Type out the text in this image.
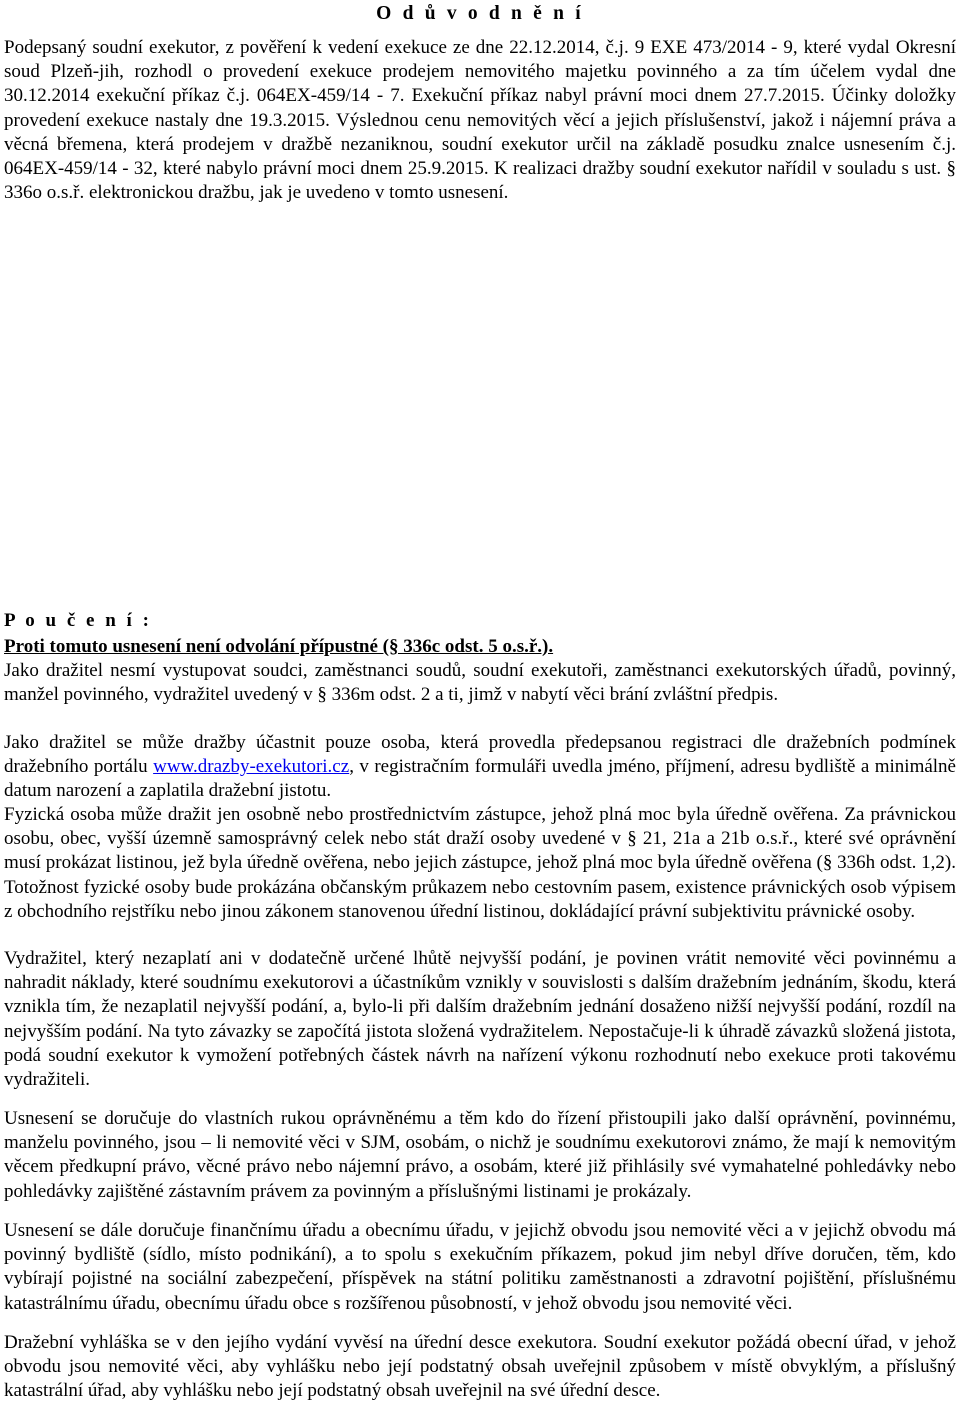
O d ů v o d n ě n í

Podepsaný soudní exekutor, z pověření k vedení exekuce ze dne 22.12.2014, č.j. 9 EXE 473/2014 - 9, které vydal Okresní soud Plzeň-jih, rozhodl o provedení exekuce prodejem nemovitého majetku povinného a za tím účelem vydal dne 30.12.2014 exekuční příkaz č.j. 064EX-459/14 - 7. Exekuční příkaz nabyl právní moci dnem 27.7.2015. Účinky doložky provedení exekuce nastaly dne 19.3.2015. Výslednou cenu nemovitých věcí a jejich příslušenství, jakož i nájemní práva a věcná břemena, která prodejem v dražbě nezaniknou, soudní exekutor určil na základě posudku znalce usnesením č.j. 064EX-459/14 - 32, které nabylo právní moci dnem 25.9.2015. K realizaci dražby soudní exekutor nařídil v souladu s ust. § 336o o.s.ř. elektronickou dražbu, jak je uvedeno v tomto usnesení.

P o u č e n í :
Proti tomuto usnesení není odvolání přípustné (§ 336c odst. 5 o.s.ř.).

Jako dražitel nesmí vystupovat soudci, zaměstnanci soudů, soudní exekutoři, zaměstnanci exekutorských úřadů, povinný, manžel povinného, vydražitel uvedený v § 336m odst. 2 a ti, jimž v nabytí věci brání zvláštní předpis.

Jako dražitel se může dražby účastnit pouze osoba, která provedla předepsanou registraci dle dražebních podmínek dražebního portálu www.drazby-exekutori.cz, v registračním formuláři uvedla jméno, příjmení, adresu bydliště a minimálně datum narození a zaplatila dražební jistotu.

Fyzická osoba může dražit jen osobně nebo prostřednictvím zástupce, jehož plná moc byla úředně ověřena. Za právnickou osobu, obec, vyšší územně samosprávný celek nebo stát draží osoby uvedené v § 21, 21a a 21b o.s.ř., které své oprávnění musí prokázat listinou, jež byla úředně ověřena, nebo jejich zástupce, jehož plná moc byla úředně ověřena (§ 336h odst. 1,2). Totožnost fyzické osoby bude prokázána občanským průkazem nebo cestovním pasem, existence právnických osob výpisem z obchodního rejstříku nebo jinou zákonem stanovenou úřední listinou, dokládající právní subjektivitu právnické osoby.

Vydražitel, který nezaplatí ani v dodatečně určené lhůtě nejvyšší podání, je povinen vrátit nemovité věci povinnému a nahradit náklady, které soudnímu exekutorovi a účastníkům vznikly v souvislosti s dalším dražebním jednáním, škodu, která vznikla tím, že nezaplatil nejvyšší podání, a, bylo-li při dalším dražebním jednání dosaženo nižší nejvyšší podání, rozdíl na nejvyšším podání. Na tyto závazky se započítá jistota složená vydražitelem. Nepostačuje-li k úhradě závazků složená jistota, podá soudní exekutor k vymožení potřebných částek návrh na nařízení výkonu rozhodnutí nebo exekuce proti takovému vydražiteli.

Usnesení se doručuje do vlastních rukou oprávněnému a těm kdo do řízení přistoupili jako další oprávnění, povinnému, manželu povinného, jsou – li nemovité věci v SJM, osobám, o nichž je soudnímu exekutorovi známo, že mají k nemovitým věcem předkupní právo, věcné právo nebo nájemní právo, a osobám, které již přihlásily své vymahatelné pohledávky nebo pohledávky zajištěné zástavním právem za povinným a příslušnými listinami je prokázaly.

Usnesení se dále doručuje finančnímu úřadu a obecnímu úřadu, v jejichž obvodu jsou nemovité věci a v jejichž obvodu má povinný bydliště (sídlo, místo podnikání), a to spolu s exekučním příkazem, pokud jim nebyl dříve doručen, těm, kdo vybírají pojistné na sociální zabezpečení, příspěvek na státní politiku zaměstnanosti a zdravotní pojištění, příslušnému katastrálnímu úřadu, obecnímu úřadu obce s rozšířenou působností, v jehož obvodu jsou nemovité věci.

Dražební vyhláška se v den jejího vydání vyvěsí na úřední desce exekutora. Soudní exekutor požádá obecní úřad, v jehož obvodu jsou nemovité věci, aby vyhlášku nebo její podstatný obsah uveřejnil způsobem v místě obvyklým, a příslušný katastrální úřad, aby vyhlášku nebo její podstatný obsah uveřejnil na své úřední desce.
